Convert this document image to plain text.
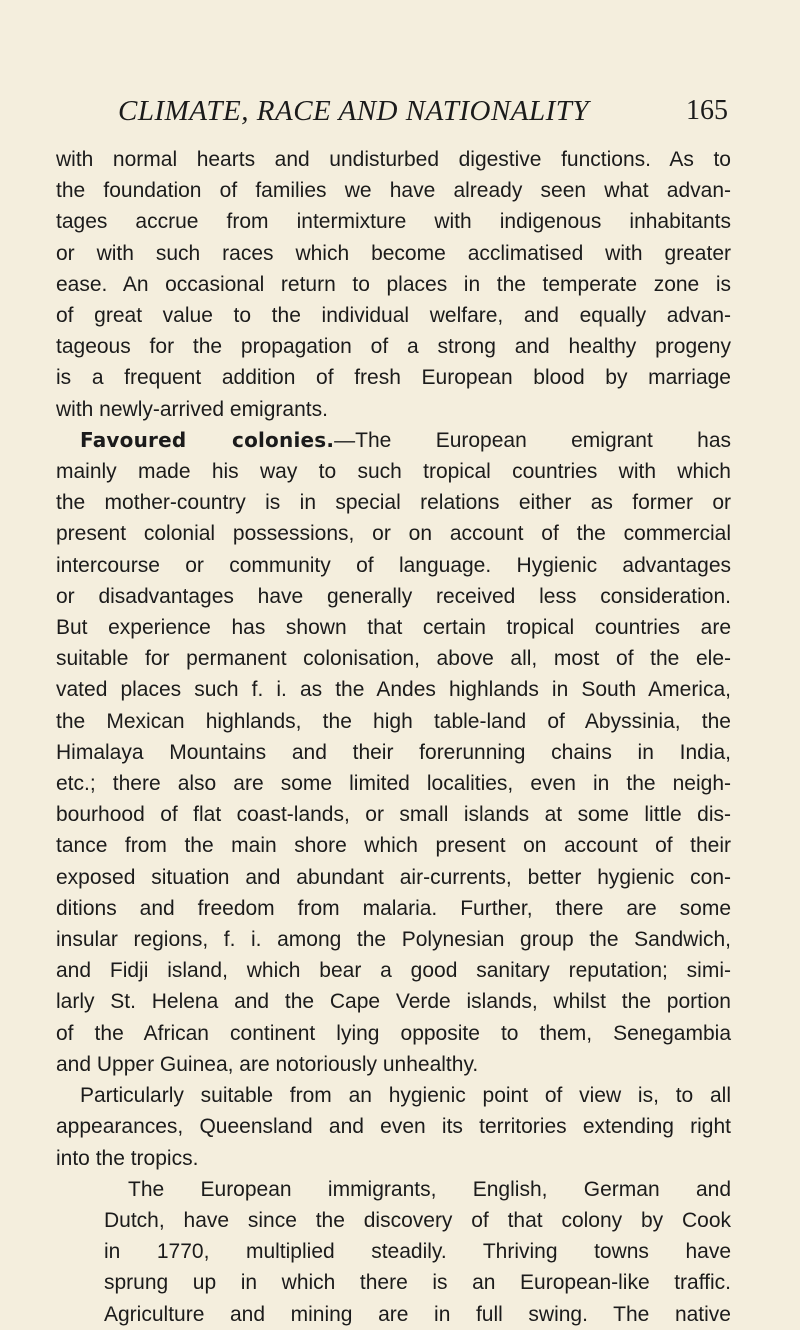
CLIMATE, RACE AND NATIONALITY	165

with normal hearts and undisturbed digestive functions. As to

the foundation of families we have already seen what advan-

tages accrue from intermixture with indigenous inhabitants

or with such races which become acclimatised with greater

ease. An occasional return to places in the temperate zone is

of great value to the individual welfare, and equally advan-

tageous for the propagation of a strong and healthy progeny

is a frequent addition of fresh European blood by marriage

with newly-arrived emigrants.

Favoured colonies.—The European emigrant has

mainly made his way to such tropical countries with which

the mother-country is in special relations either as former or

present colonial possessions, or on account of the commercial

intercourse or community of language. Hygienic advantages

or disadvantages have generally received less consideration.

But experience has shown that certain tropical countries are

suitable for permanent colonisation, above all, most of the ele-

vated places such f. i. as the Andes highlands in South America,

the Mexican highlands, the high table-land of Abyssinia, the

Himalaya Mountains and their forerunning chains in India,

etc.; there also are some limited localities, even in the neigh-

bourhood of flat coast-lands, or small islands at some little dis-

tance from the main shore which present on account of their

exposed situation and abundant air-currents, better hygienic con-

ditions and freedom from malaria. Further, there are some

insular regions, f. i. among the Polynesian group the Sandwich,

and Fidji island, which bear a good sanitary reputation; simi-

larly St. Helena and the Cape Verde islands, whilst the portion

of the African continent lying opposite to them, Senegambia

and Upper Guinea, are notoriously unhealthy.

Particularly suitable from an hygienic point of view is, to all

appearances, Queensland and even its territories extending right

into the tropics.

The European immigrants, English, German and

Dutch, have since the discovery of that colony by Cook

in 1770, multiplied steadily. Thriving towns have

sprung up in which there is an European-like traffic.

Agriculture and mining are in full swing. The native
